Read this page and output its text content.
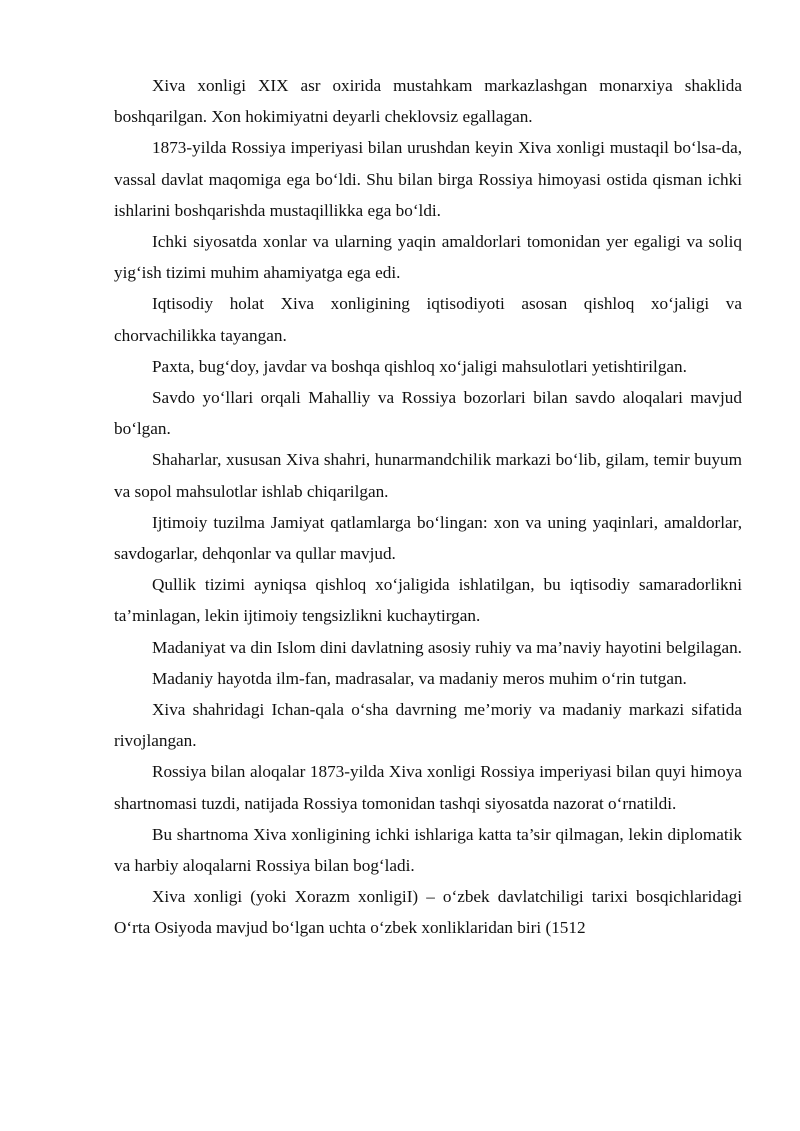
Xiva xonligi XIX asr oxirida mustahkam markazlashgan monarxiya shaklida boshqarilgan. Xon hokimiyatni deyarli cheklovsiz egallagan.

1873-yilda Rossiya imperiyasi bilan urushdan keyin Xiva xonligi mustaqil bo‘lsa-da, vassal davlat maqomiga ega bo‘ldi. Shu bilan birga Rossiya himoyasi ostida qisman ichki ishlarini boshqarishda mustaqillikka ega bo‘ldi.

Ichki siyosatda xonlar va ularning yaqin amaldorlari tomonidan yer egaligi va soliq yig‘ish tizimi muhim ahamiyatga ega edi.

Iqtisodiy holat Xiva xonligining iqtisodiyoti asosan qishloq xo‘jaligi va chorvachilikka tayangan.

Paxta, bug‘doy, javdar va boshqa qishloq xo‘jaligi mahsulotlari yetishtirilgan.

Savdo yo‘llari orqali Mahalliy va Rossiya bozorlari bilan savdo aloqalari mavjud bo‘lgan.

Shaharlar, xususan Xiva shahri, hunarmandchilik markazi bo‘lib, gilam, temir buyum va sopol mahsulotlar ishlab chiqarilgan.

Ijtimoiy tuzilma Jamiyat qatlamlarga bo‘lingan: xon va uning yaqinlari, amaldorlar, savdogarlar, dehqonlar va qullar mavjud.

Qullik tizimi ayniqsa qishloq xo‘jaligida ishlatilgan, bu iqtisodiy samaradorlikni ta’minlagan, lekin ijtimoiy tengsizlikni kuchaytirgan.

Madaniyat va din Islom dini davlatning asosiy ruhiy va ma’naviy hayotini belgilagan.

Madaniy hayotda ilm-fan, madrasalar, va madaniy meros muhim o‘rin tutgan.

Xiva shahridagi Ichan-qala o‘sha davrning me’moriy va madaniy markazi sifatida rivojlangan.

Rossiya bilan aloqalar 1873-yilda Xiva xonligi Rossiya imperiyasi bilan quyi himoya shartnomasi tuzdi, natijada Rossiya tomonidan tashqi siyosatda nazorat o‘rnatildi.

Bu shartnoma Xiva xonligining ichki ishlariga katta ta’sir qilmagan, lekin diplomatik va harbiy aloqalarni Rossiya bilan bog‘ladi.

Xiva xonligi (yoki Xorazm xonligiI) – o‘zbek davlatchiligi tarixi bosqichlaridagi O‘rta Osiyoda mavjud bo‘lgan uchta o‘zbek xonliklaridan biri (1512
